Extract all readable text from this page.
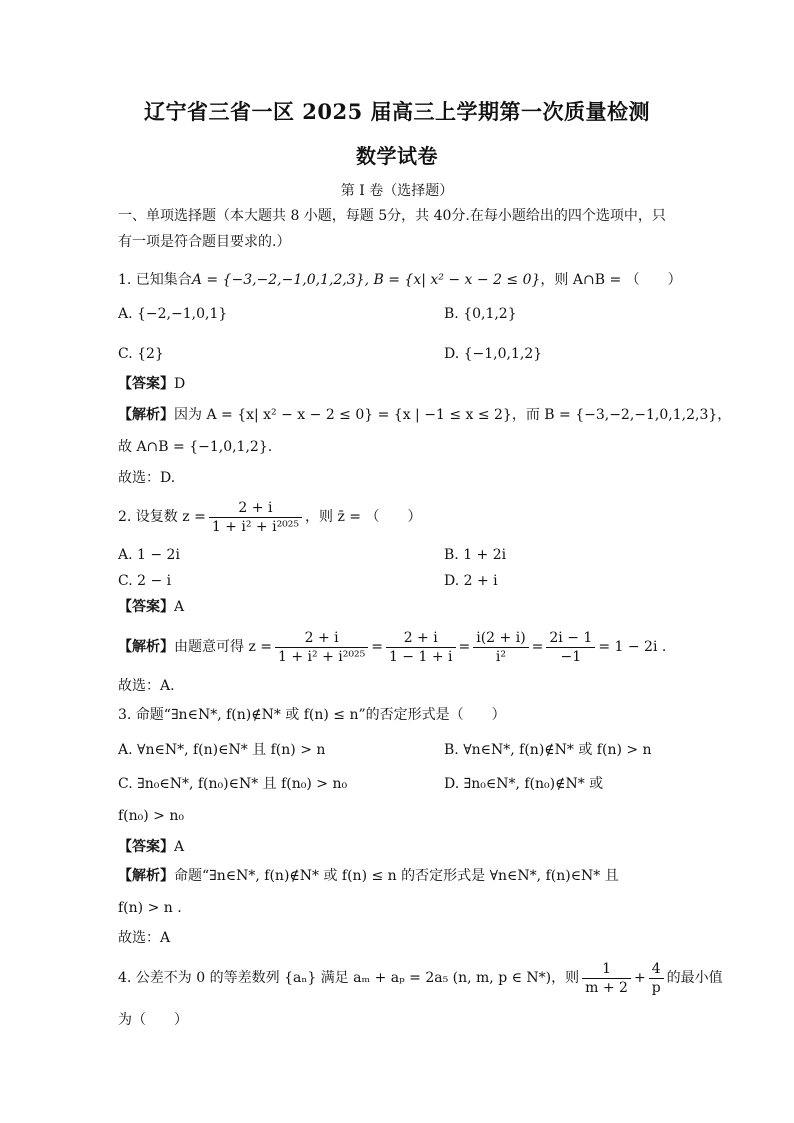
辽宁省三省一区 2025 届高三上学期第一次质量检测
数学试卷
第 I 卷（选择题）
一、单项选择题（本大题共 8 小题，每题 5分，共 40分.在每小题给出的四个选项中，只
有一项是符合题目要求的.）
1. 已知集合A = {−3,−2,−1,0,1,2,3}, B = {x| x² − x − 2 ≤ 0}，则 A∩B = （　　）
A. {−2,−1,0,1}	B. {0,1,2}
C. {2}	D. {−1,0,1,2}
【答案】D
【解析】因为 A = {x| x² − x − 2 ≤ 0} = {x | −1 ≤ x ≤ 2}，而 B = {−3,−2,−1,0,1,2,3}，
故 A∩B = {−1,0,1,2}.
故选：D.
2. 设复数 $z = \frac{2 + i}{\text{1 + i² + i²⁰²⁵}}$ ，则 z̄ = （　　）
A. 1 − 2i	B. 1 + 2i
C. 2 − i	D. 2 + i
【答案】A
【解析】由题意可得 $z = \frac{2 + i}{\text{1 + i² + i²⁰²⁵}} = \frac{2 + i}{1 - 1 + i} = \frac{i(2 + i)}{\text{i²}} = \frac{2i - 1}{-1} = 1 - 2i$ .
故选：A.
3. 命题“∃n∈N*, f(n)∉N* 或 f(n) ≤ n”的否定形式是（　　）
A. ∀n∈N*, f(n)∈N* 且 f(n) > n	B. ∀n∈N*, f(n)∉N* 或 f(n) > n
C. ∃n₀∈N*, f(n₀)∈N* 且 f(n₀) > n₀	D. ∃n₀∈N*, f(n₀)∉N* 或
f(n₀) > n₀
【答案】A
【解析】命题“∃n∈N*, f(n)∉N* 或 f(n) ≤ n 的否定形式是 ∀n∈N*, f(n)∈N* 且
f(n) > n .
故选：A
4. 公差不为 0 的等差数列 {aₙ} 满足 aₘ + aₚ = 2a₅ (n, m, p ∈ N*)，则 $\frac{1}{m + 2} + \frac{4}{p}$ 的最小值
为（　　）
